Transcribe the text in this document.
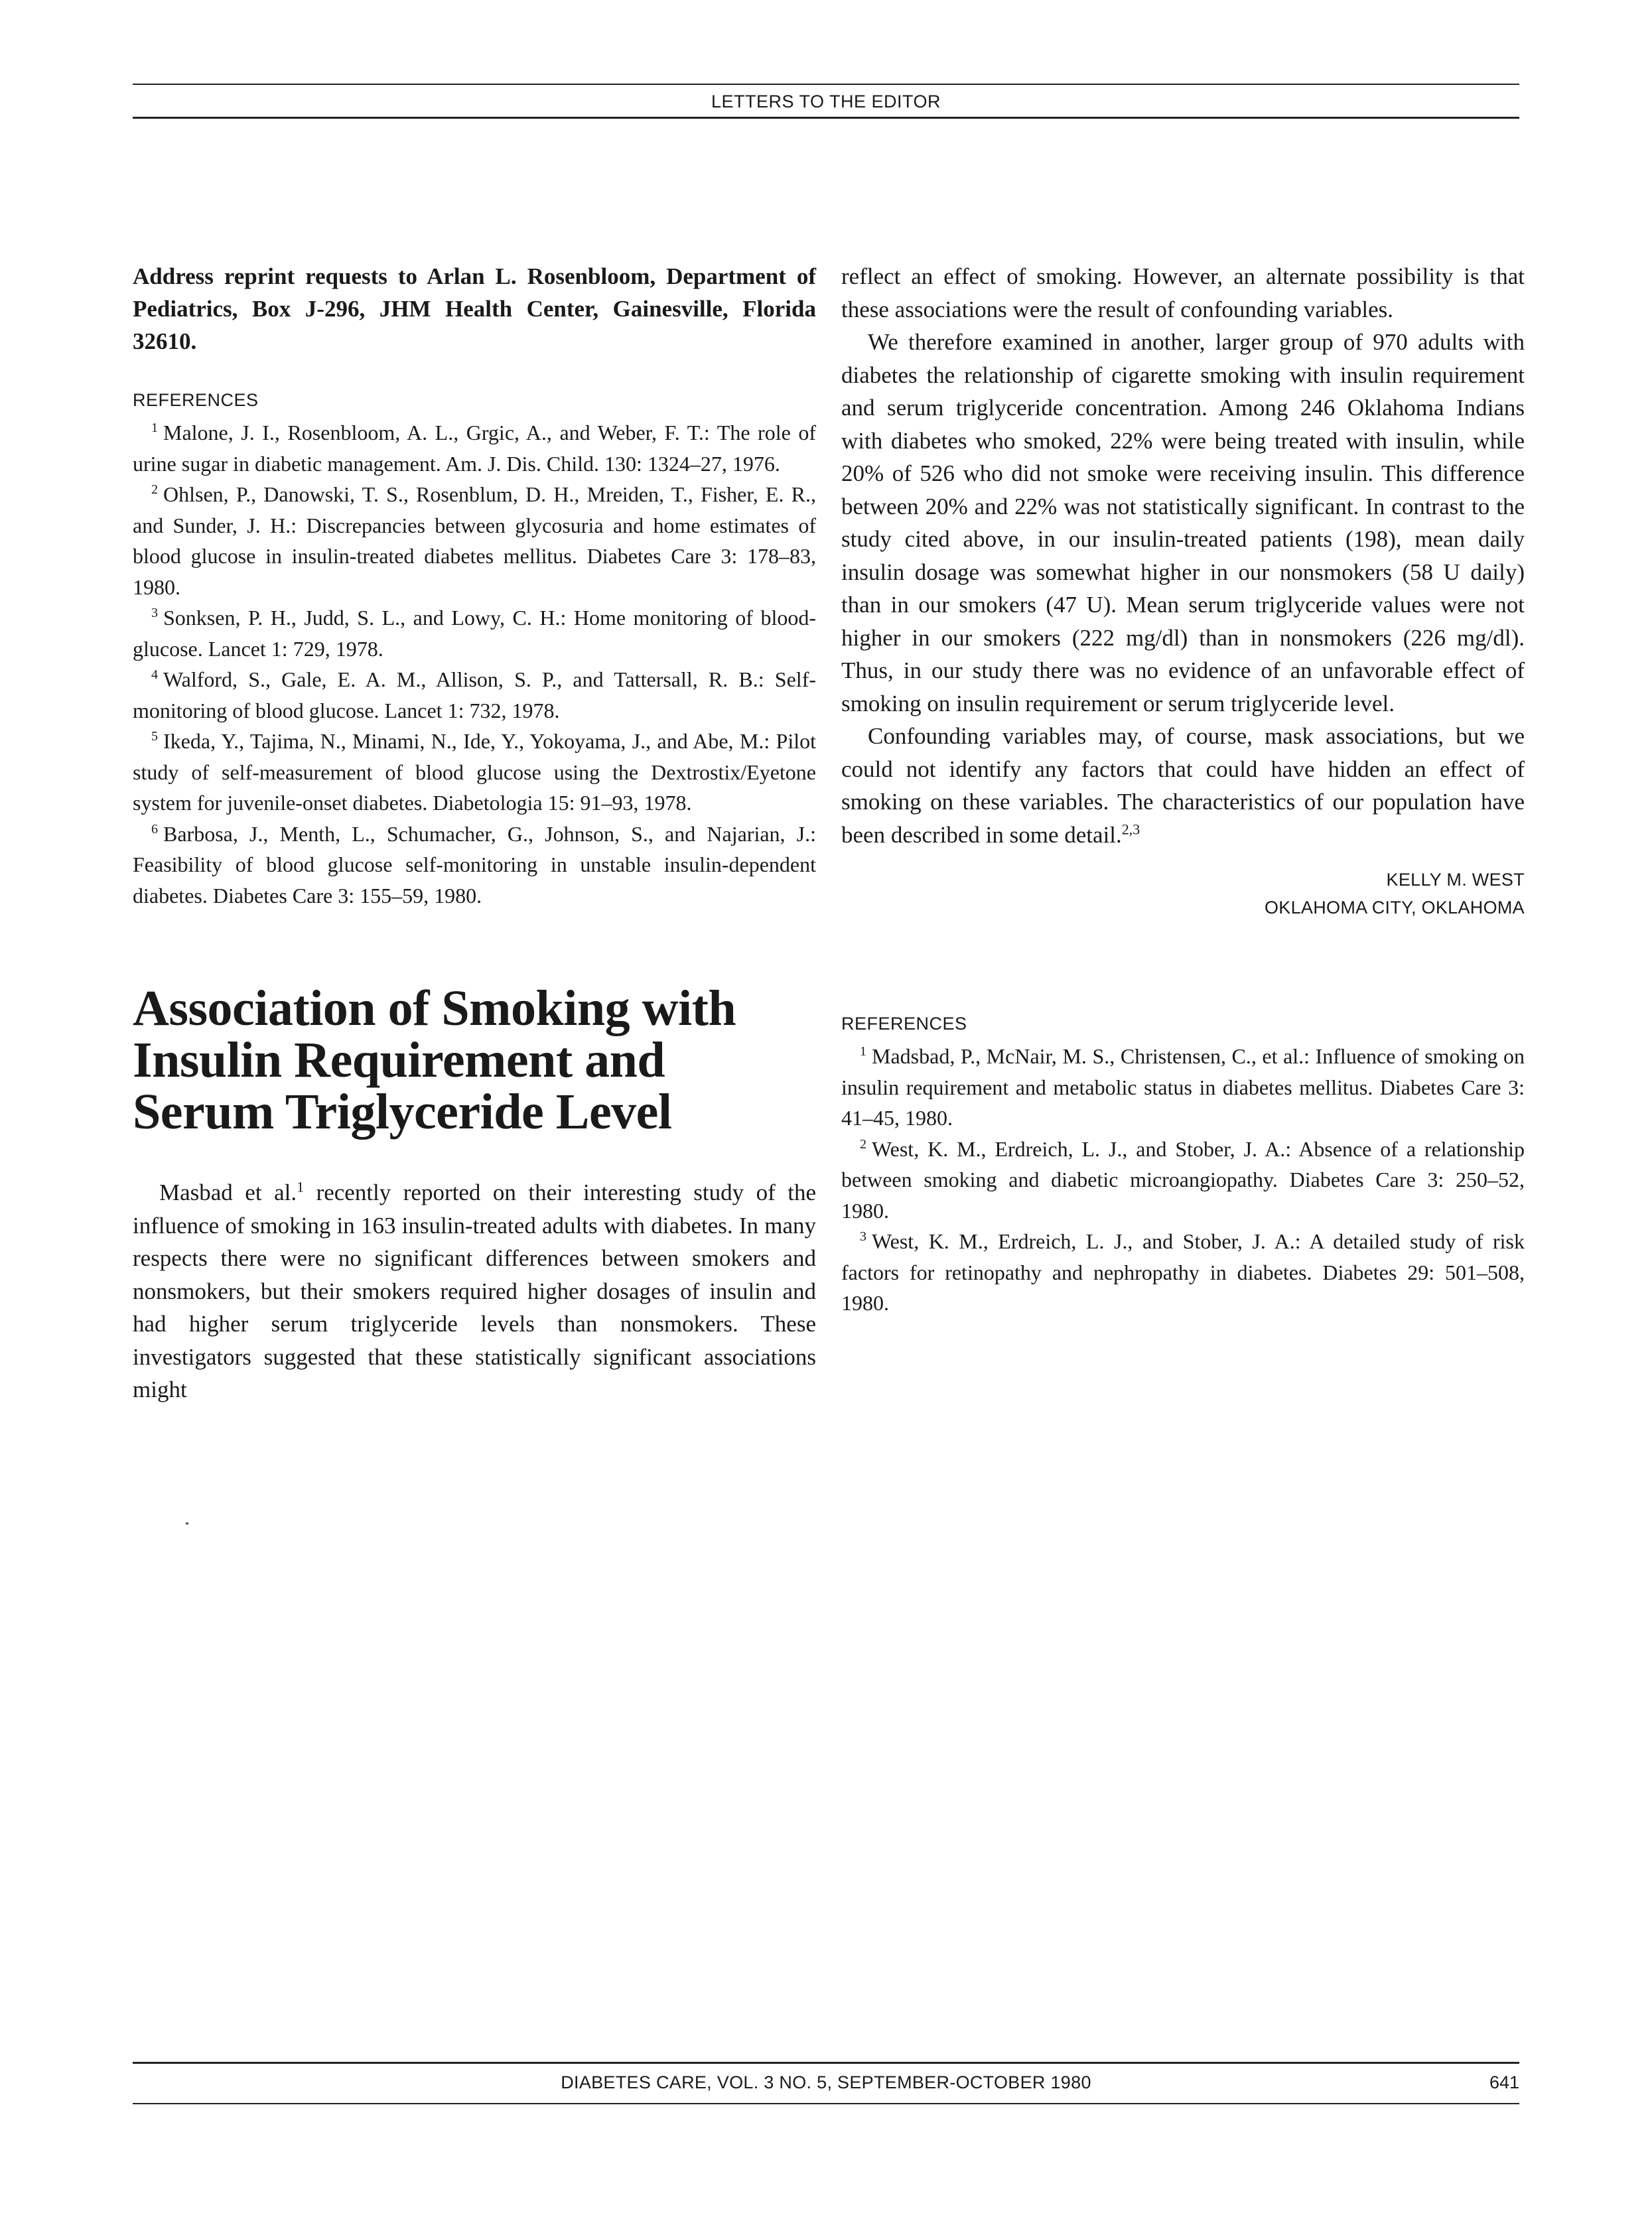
LETTERS TO THE EDITOR

Address reprint requests to Arlan L. Rosenbloom, Department of Pediatrics, Box J-296, JHM Health Center, Gainesville, Florida 32610.

REFERENCES

$^1$ Malone, J. I., Rosenbloom, A. L., Grgic, A., and Weber, F. T.: The role of urine sugar in diabetic management. Am. J. Dis. Child. 130: 1324–27, 1976.
$^2$ Ohlsen, P., Danowski, T. S., Rosenblum, D. H., Mreiden, T., Fisher, E. R., and Sunder, J. H.: Discrepancies between glycosuria and home estimates of blood glucose in insulin-treated diabetes mellitus. Diabetes Care 3: 178–83, 1980.
$^3$ Sonksen, P. H., Judd, S. L., and Lowy, C. H.: Home monitoring of blood-glucose. Lancet 1: 729, 1978.
$^4$ Walford, S., Gale, E. A. M., Allison, S. P., and Tattersall, R. B.: Self-monitoring of blood glucose. Lancet 1: 732, 1978.
$^5$ Ikeda, Y., Tajima, N., Minami, N., Ide, Y., Yokoyama, J., and Abe, M.: Pilot study of self-measurement of blood glucose using the Dextrostix/Eyetone system for juvenile-onset diabetes. Diabetologia 15: 91–93, 1978.
$^6$ Barbosa, J., Menth, L., Schumacher, G., Johnson, S., and Najarian, J.: Feasibility of blood glucose self-monitoring in unstable insulin-dependent diabetes. Diabetes Care 3: 155–59, 1980.
Association of Smoking with Insulin Requirement and Serum Triglyceride Level

Masbad et al.$^1$ recently reported on their interesting study of the influence of smoking in 163 insulin-treated adults with diabetes. In many respects there were no significant differences between smokers and nonsmokers, but their smokers required higher dosages of insulin and had higher serum triglyceride levels than nonsmokers. These investigators suggested that these statistically significant associations might

reflect an effect of smoking. However, an alternate possibility is that these associations were the result of confounding variables.

We therefore examined in another, larger group of 970 adults with diabetes the relationship of cigarette smoking with insulin requirement and serum triglyceride concentration. Among 246 Oklahoma Indians with diabetes who smoked, 22% were being treated with insulin, while 20% of 526 who did not smoke were receiving insulin. This difference between 20% and 22% was not statistically significant. In contrast to the study cited above, in our insulin-treated patients (198), mean daily insulin dosage was somewhat higher in our nonsmokers (58 U daily) than in our smokers (47 U). Mean serum triglyceride values were not higher in our smokers (222 mg/dl) than in nonsmokers (226 mg/dl). Thus, in our study there was no evidence of an unfavorable effect of smoking on insulin requirement or serum triglyceride level.

Confounding variables may, of course, mask associations, but we could not identify any factors that could have hidden an effect of smoking on these variables. The characteristics of our population have been described in some detail.$^{2,3}$

KELLY M. WEST
OKLAHOMA CITY, OKLAHOMA

REFERENCES

$^1$ Madsbad, P., McNair, M. S., Christensen, C., et al.: Influence of smoking on insulin requirement and metabolic status in diabetes mellitus. Diabetes Care 3: 41–45, 1980.
$^2$ West, K. M., Erdreich, L. J., and Stober, J. A.: Absence of a relationship between smoking and diabetic microangiopathy. Diabetes Care 3: 250–52, 1980.
$^3$ West, K. M., Erdreich, L. J., and Stober, J. A.: A detailed study of risk factors for retinopathy and nephropathy in diabetes. Diabetes 29: 501–508, 1980.
DIABETES CARE, VOL. 3 NO. 5, SEPTEMBER-OCTOBER 1980	641
